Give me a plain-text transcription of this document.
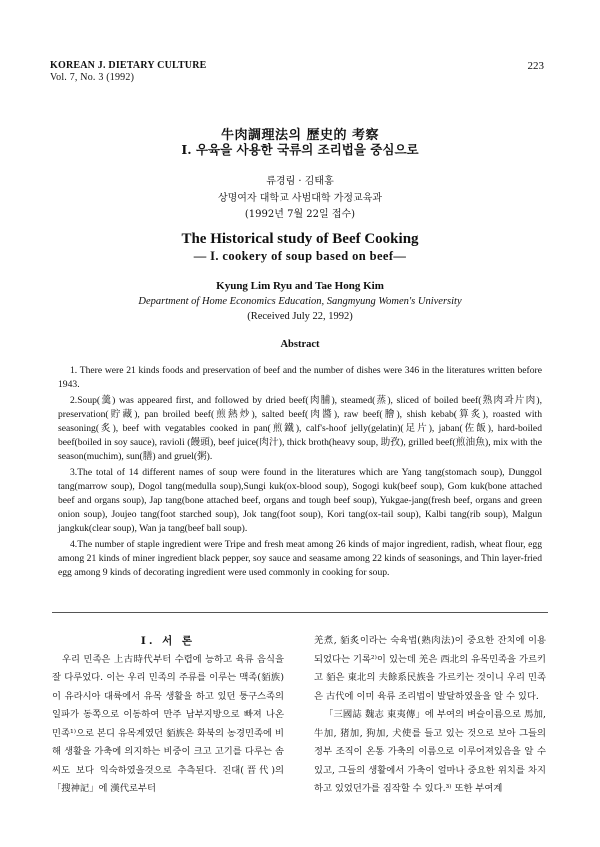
KOREAN J. DIETARY CULTURE
Vol. 7, No. 3 (1992)
223
牛肉調理法의 歷史的 考察
I. 우육을 사용한 국류의 조리법을 중심으로
류경림 · 김태홍
상명여자 대학교 사범대학 가정교육과
(1992년 7월 22일 접수)
The Historical study of Beef Cooking
— I. cookery of soup based on beef—
Kyung Lim Ryu and Tae Hong Kim
Department of Home Economics Education, Sangmyung Women's University
(Received July 22, 1992)
Abstract

1. There were 21 kinds foods and preservation of beef and the number of dishes were 346 in the literatures written before 1943.

2.Soup(羹) was appeared first, and followed by dried beef(肉脯), steamed(蒸), sliced of boiled beef(熟肉과片肉), preservation(貯藏), pan broiled beef(煎熱炒), salted beef(肉醬), raw beef(膾), shish kebab(算炙), roasted with seasoning(炙), beef with vegatables cooked in pan(煎鐵), calf's-hoof jelly(gelatin)(足片), jaban(佐飯), hard-boiled beef(boiled in soy sauce), ravioli (饅頭), beef juice(肉汁), thick broth(heavy soup, 助孜), grilled beef(煎油魚), mix with the season(muchim), sun(膳) and gruel(粥).

3.The total of 14 different names of soup were found in the literatures which are Yang tang(stomach soup), Dunggol tang(marrow soup), Dogol tang(medulla soup),Sungi kuk(ox-blood soup), Sogogi kuk(beef soup), Gom kuk(bone attached beef and organs soup), Jap tang(bone attached beef, organs and tough beef soup), Yukgae-jang(fresh beef, organs and green onion soup), Joujeo tang(foot starched soup), Jok tang(foot soup), Kori tang(ox-tail soup), Kalbi tang(rib soup), Malgun jangkuk(clear soup), Wan ja tang(beef ball soup).

4.The number of staple ingredient were Tripe and fresh meat among 26 kinds of major ingredient, radish, wheat flour, egg among 21 kinds of miner ingredient black pepper, soy sauce and seasame among 22 kinds of seasonings, and Thin layer-fried egg among 9 kinds of decorating ingredient were used commonly in cooking for soup.

I. 서 론

우리 민족은 上古時代부터 수렵에 능하고 육류 음식을 잘 다루었다. 이는 우리 민족의 주류를 이루는 맥족(貊族)이 유라시아 대륙에서 유목 생활을 하고 있던 퉁구스족의 일파가 동쪽으로 이동하여 만주 남부지방으로 빠져 나온 민족¹⁾으로 본디 유목계였던 貊族은 화북의 농경민족에 비해 생활을 가축에 의지하는 비중이 크고 고기를 다루는 솜씨도 보다 익숙하였을것으로 추측된다. 진대(晋代)의 「搜神記」에 漢代로부터

羌煮, 貊炙이라는 숙육법(熟肉法)이 중요한 잔치에 이용되었다는 기록²⁾이 있는데 羌은 西北의 유목민족을 가르키고 貊은 東北의 夫餘系民族을 가르키는 것이니 우리 민족은 古代에 이미 육류 조리법이 발달하였을을 알 수 있다.

「三國誌 魏志 東夷傳」에 부여의 벼슬이름으로 馬加, 牛加, 猪加, 狗加, 犬使를 들고 있는 것으로 보아 그들의 정부 조직이 온통 가축의 이름으로 이루어져있음을 알 수 있고, 그들의 생활에서 가축이 얼마나 중요한 위치를 차지하고 있었던가를 짐작할 수 있다.³⁾ 또한 부여계
